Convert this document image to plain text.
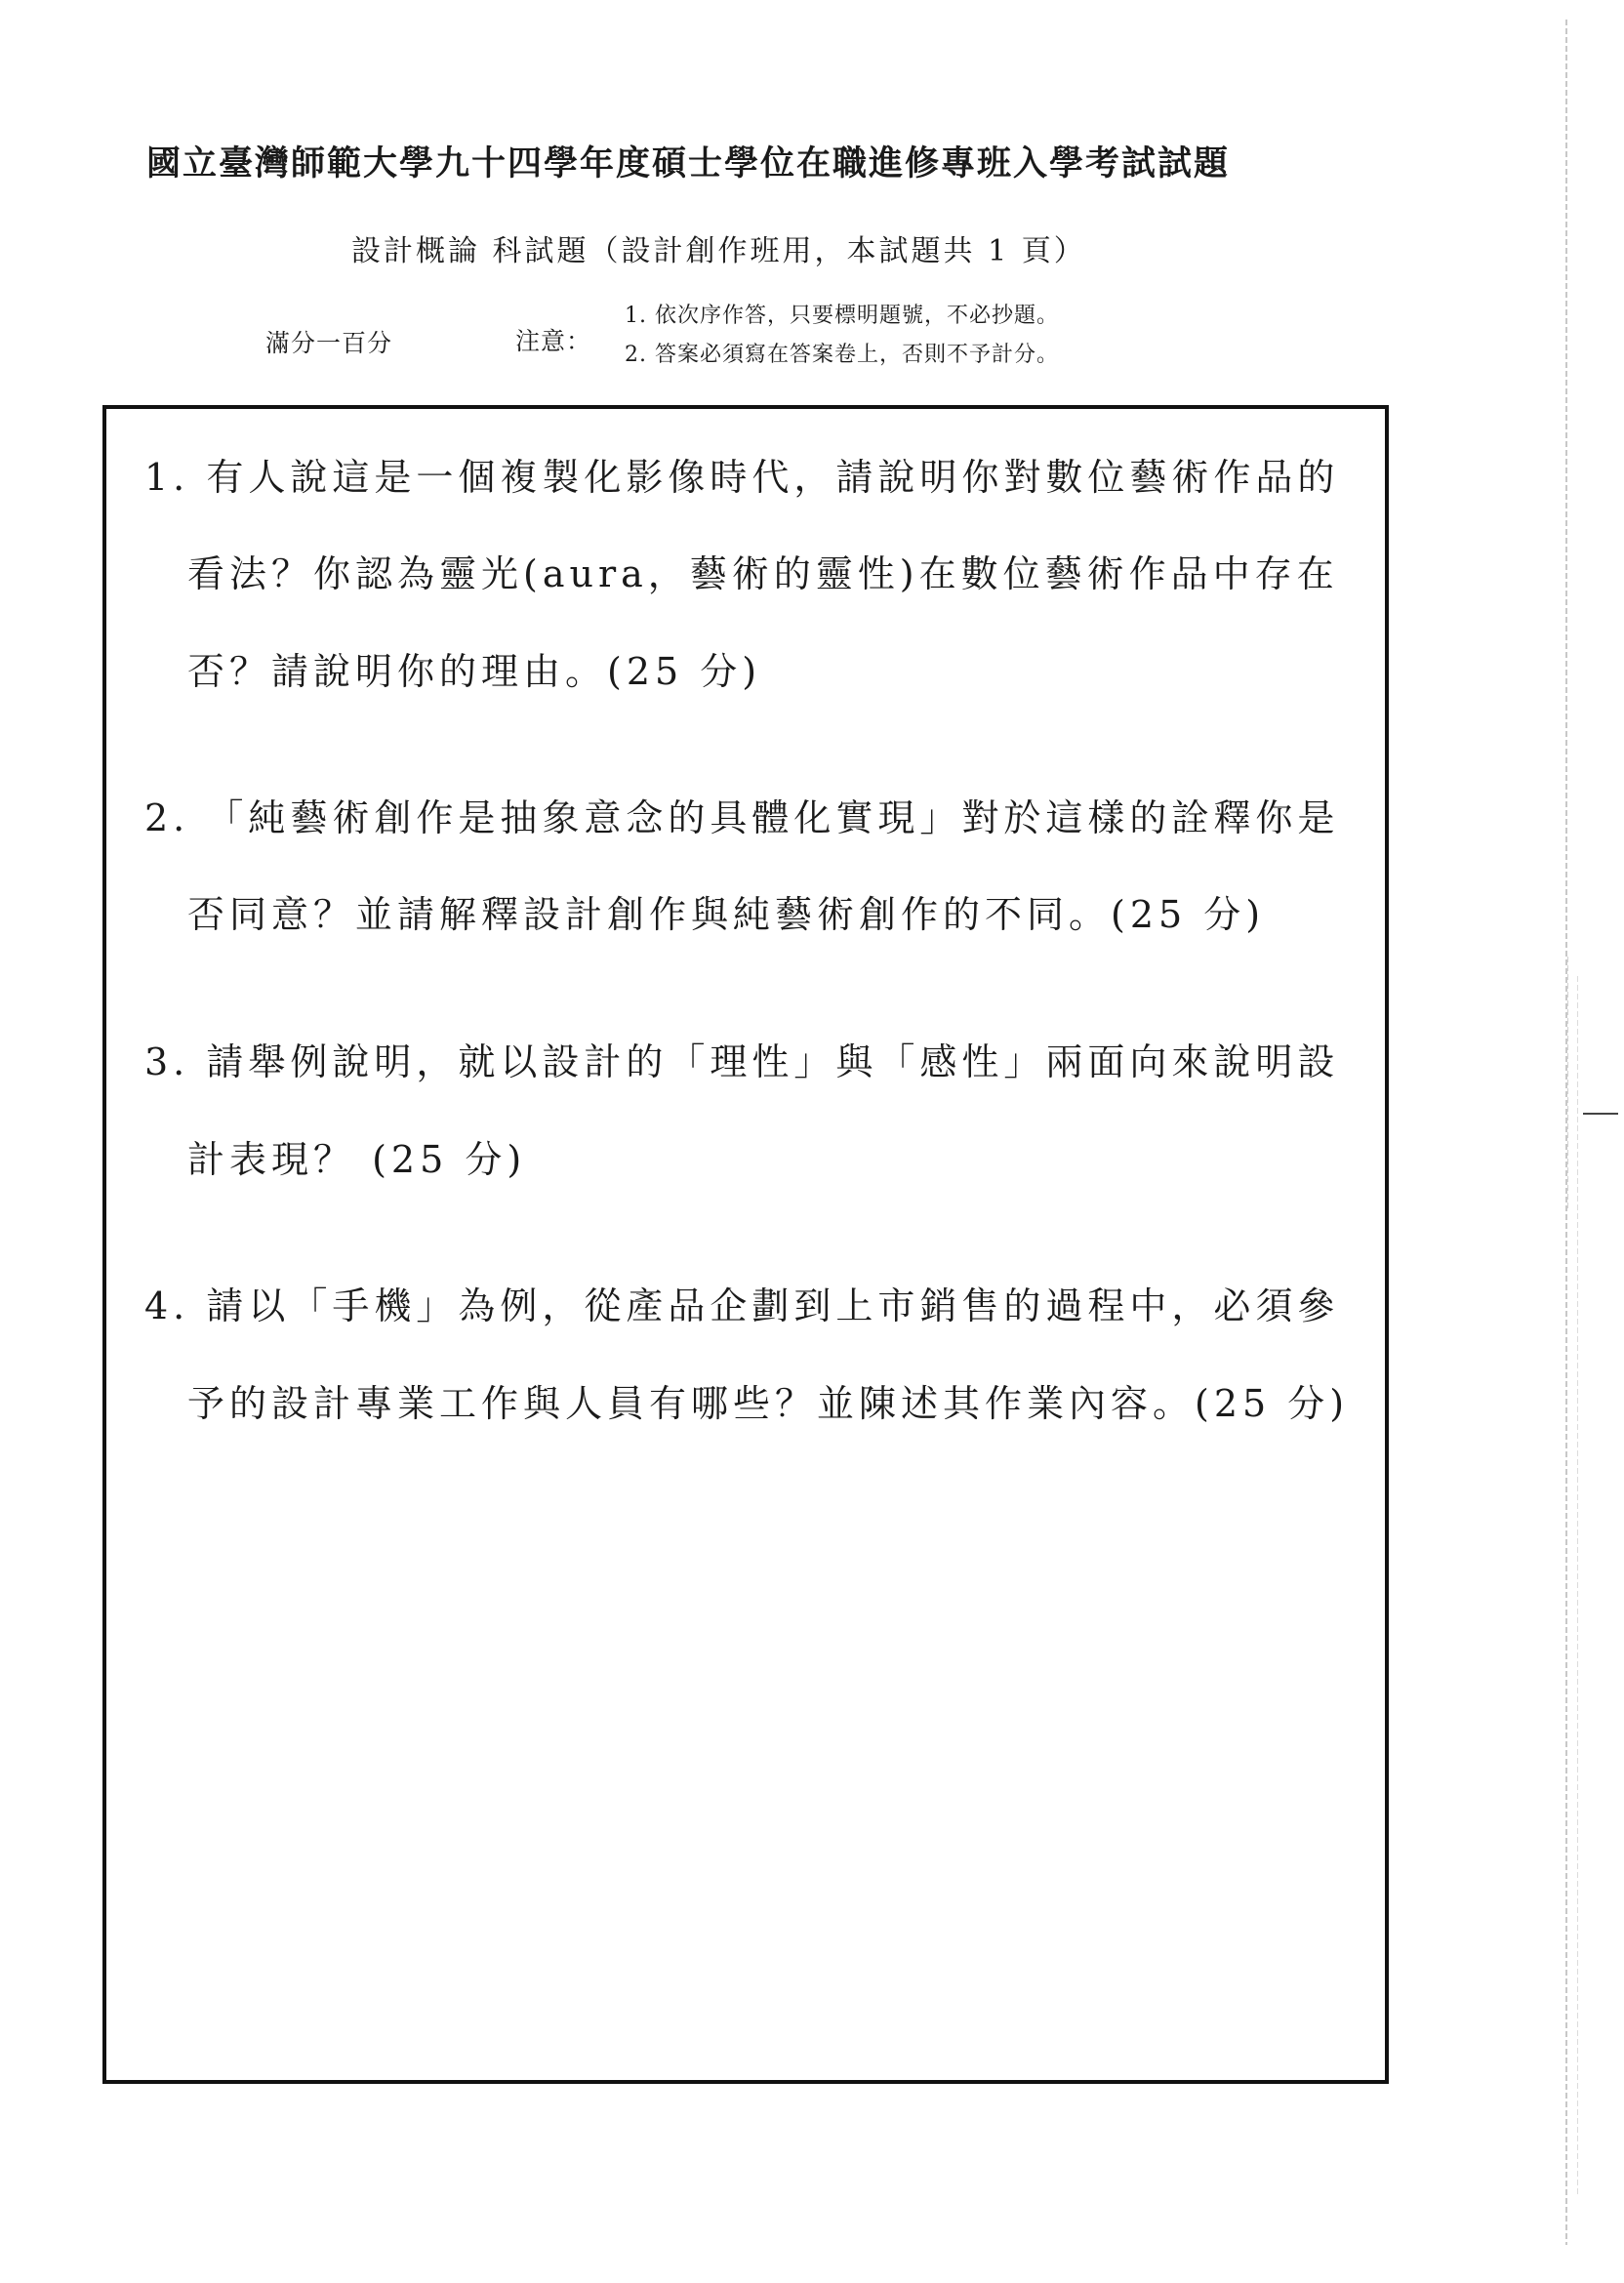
國立臺灣師範大學九十四學年度碩士學位在職進修專班入學考試試題
設計概論 科試題（設計創作班用，本試題共 1 頁）
滿分一百分	注意：
1. 依次序作答，只要標明題號，不必抄題。
2. 答案必須寫在答案卷上，否則不予計分。
1. 有人說這是一個複製化影像時代，請說明你對數位藝術作品的
看法？你認為靈光(aura，藝術的靈性)在數位藝術作品中存在
否？請說明你的理由。(25 分)
2. 「純藝術創作是抽象意念的具體化實現」對於這樣的詮釋你是
否同意？並請解釋設計創作與純藝術創作的不同。(25 分)
3. 請舉例說明，就以設計的「理性」與「感性」兩面向來說明設
計表現？ (25 分)
4. 請以「手機」為例，從產品企劃到上市銷售的過程中，必須參
予的設計專業工作與人員有哪些？並陳述其作業內容。(25 分)
